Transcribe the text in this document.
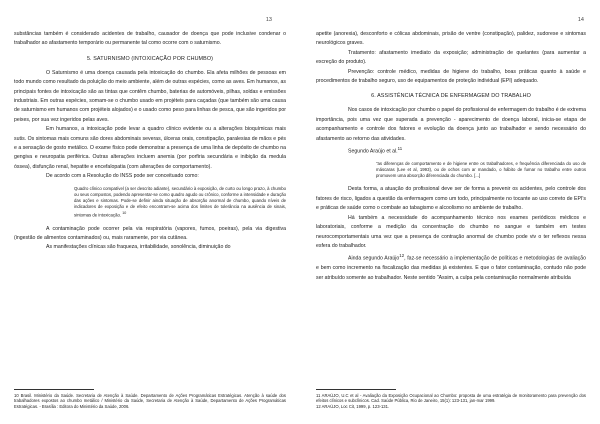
13

substâncias também é considerado acidentes de trabalho, causador de doença que pode inclusive condenar o trabalhador ao afastamento temporário ou permanente tal como ocorre com o saturnismo.

5. SATURNISMO (INTOXICAÇÃO POR CHUMBO)

O Saturnismo é uma doença causada pela intoxicação do chumbo. Ela afeta milhões de pessoas em todo mundo como resultado da poluição do meio ambiente, além de outras espécies, como as aves. Em humanos, as principais fontes de intoxicação são as tintas que contêm chumbo, baterias de automóveis, pilhas, soldas e emissões industriais. Em outras espécies, somam-se o chumbo usado em projéteis para caçadas (que também são uma causa de saturnismo em humanos com projéteis alojados) e o usado como peso para linhas de pesca, que são ingeridos por peixes, por sua vez ingeridos pelas aves.

Em humanos, a intoxicação pode levar a quadro clínico evidente ou a alterações bioquímicas mais sutis. Os sintomas mais comuns são dores abdominais severas, úlceras orais, constipação, paralesias de mãos e pés e a sensação de gosto metálico. O exame físico pode demonstrar a presença de uma linha de depósito de chumbo na gengiva e neuropatia periférica. Outras alterações incluem anemia (por porfiria secundária e inibição da medula óssea), disfunção renal, hepatite e encefalopatia (com alterações de comportamento).

De acordo com a Resolução do INSS pode ser conceituado como:

Quadro clínico compatível (a ser descrito adiante), secundário à exposição, de curto ou longo prazo, à chumbo ou seus compostos, podendo apresentar-se como quadro agudo ou crônico, conforme a intensidade e duração das ações e sintomas. Pode-se definir ainda situação de absorção anormal de chumbo, quando níveis de indicadores de exposição e de efeito encontram-se acima dos limites de tolerância na ausência de sinais, sintomas de intoxicação. $^{10}$

A contaminação pode ocorrer pela via respiratória (vapores, fumos, poeiras), pela via digestiva (ingestão de alimentos contaminados) ou, mais raramente, por via cutânea.

As manifestações clínicas são fraqueza, irritabilidade, sonolência, diminuição do

10 Brasil. Ministério da Saúde. Secretaria de Atenção à Saúde. Departamento de Ações Programáticas Estratégicas. Atenção à saúde dos trabalhadores expostos ao chumbo metálico / Ministério da Saúde, Secretaria de Atenção à Saúde, Departamento de Ações Programáticas Estratégicas. - Brasília : Editora do Ministério da Saúde, 2006.

14

apetite (anorexia), desconforto e cólicas abdominais, prisão de ventre (constipação), palidez, sudorese e sintomas neurológicos graves.

Tratamento: afastamento imediato da exposição; administração de quelantes (para aumentar a excreção do produto).

Prevenção: controle médico, medidas de higiene do trabalho, boas práticas quanto à saúde e procedimentos de trabalho seguro, uso de equipamentos de proteção individual (EPI) adequado.

6. ASSISTÊNCIA TÉCNICA DE ENFERMAGEM DO TRABALHO

Nos casos de intoxicação por chumbo o papel do profissional de enfermagem do trabalho é de extrema importância, pois uma vez que superada a prevenção - aparecimento de doença laboral, inicia-se etapa de acompanhamento e controle dos fatores e evolução da doença junto ao trabalhador e sendo necessário do afastamento ao retorno das atividades.

Segundo Araújo et al.$^{11}$

"as diferenças de comportamento e de higiene entre os trabalhadores, e frequência diferenciada do uso de máscaras (Lee et al, 1993), ou de ochos com ar mandado, o hábito de fumar no trabalho entre outros promovem uma absorção diferenciada do chumbo. [...]

Desta forma, a atuação do profissional deve ser de forma a prevenir os acidentes, pelo controle dos fatores de risco, ligados a questão da enfermagem como um todo, principalmente no tocante ao uso correto de EPI's e práticas de saúde como o combate ao tabagismo e alcoolismo no ambiente de trabalho.

Há também a necessidade do acompanhamento técnico nos exames periódicos médicos e laboratoriais, conforme a medição da concentração do chumbo no sangue e também em testes neurocomportamentais uma vez que a presença de contração anormal de chumbo pode viv o ter reflexos nessa esfera do trabalhador.

Ainda segundo Araújo$^{12}$, faz-se necessário a implementação de políticas e metodologias de avaliação e bem como incremento na fiscalização das medidas já existentes. E que o fator contaminação, contudo não pode ser atribuído somente ao trabalhador. Neste sentido "Assim, a culpa pela contaminação normalmente atribuída

11 ARAÚJO, U.C et al - Avaliação da Exposição Ocupacional ao Chumbo: proposta de uma estratégia de monitoramento para prevenção dos efeitos clínicos e subclínicos. Cad. Saúde Pública, Rio de Janeiro, 15(1): 123-131, jan-mar 1999.

12 ARAÚJO, Loc Cit, 1999, p. 123-131.
